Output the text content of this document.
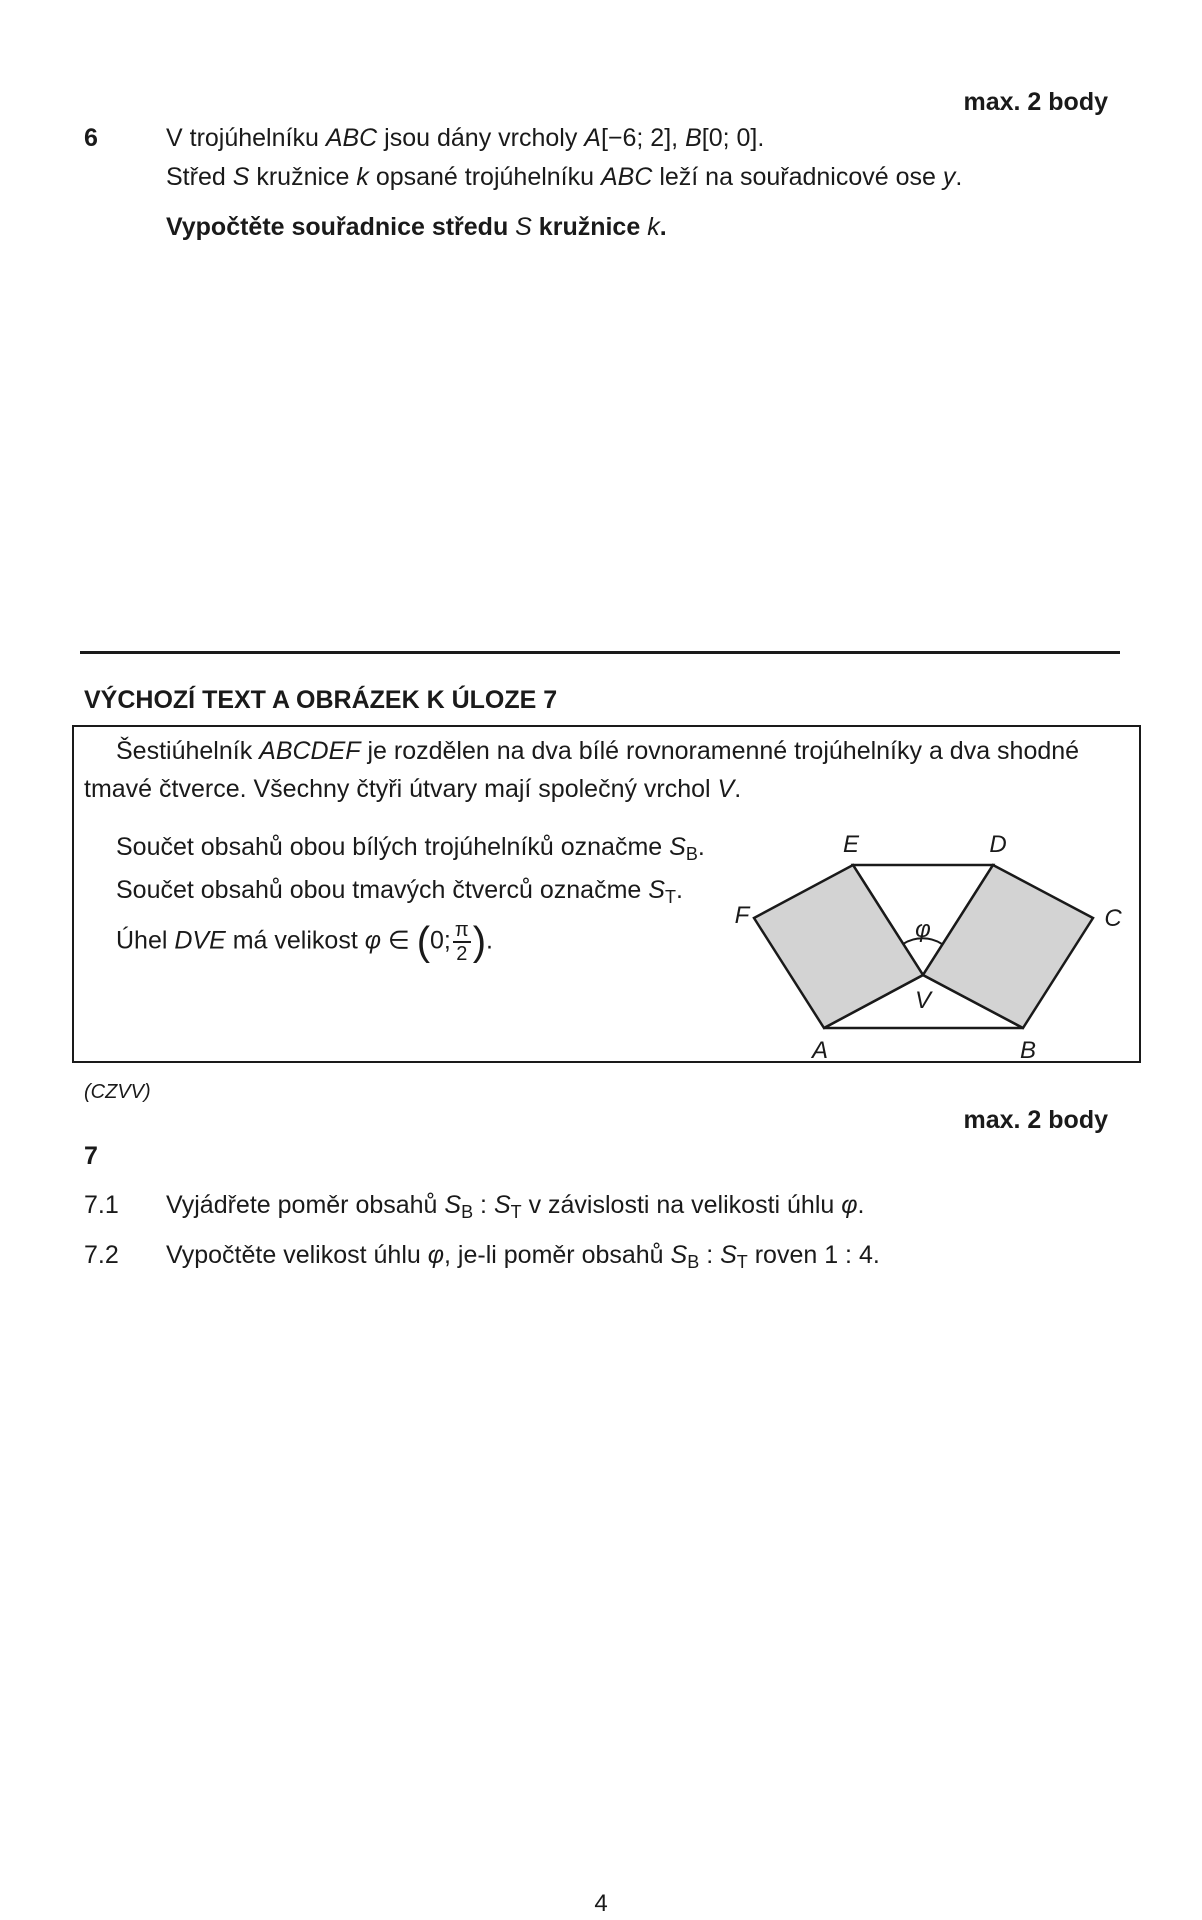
max. 2 body
6	V trojúhelníku ABC jsou dány vrcholy A[−6; 2], B[0; 0].
Střed S kružnice k opsané trojúhelníku ABC leží na souřadnicové ose y.
Vypočtěte souřadnice středu S kružnice k.
VÝCHOZÍ TEXT A OBRÁZEK K ÚLOZE 7
Šestiúhelník ABCDEF je rozdělen na dva bílé rovnoramenné trojúhelníky a dva shodné
tmavé čtverce. Všechny čtyři útvary mají společný vrchol V.
Součet obsahů obou bílých trojúhelníků označme $S_B$.
Součet obsahů obou tmavých čtverců označme $S_T$.
Úhel DVE má velikost φ ∈ (0; $\frac{\pi}{2}$ ).	φ
E	D
F	C
V
A	B
(CZVV)
max. 2 body
7
7.1 Vyjádřete poměr obsahů $S_B$ : $S_T$ v závislosti na velikosti úhlu φ.
7.2 Vypočtěte velikost úhlu φ, je-li poměr obsahů $S_B$ : $S_T$ roven 1 : 4.
4
